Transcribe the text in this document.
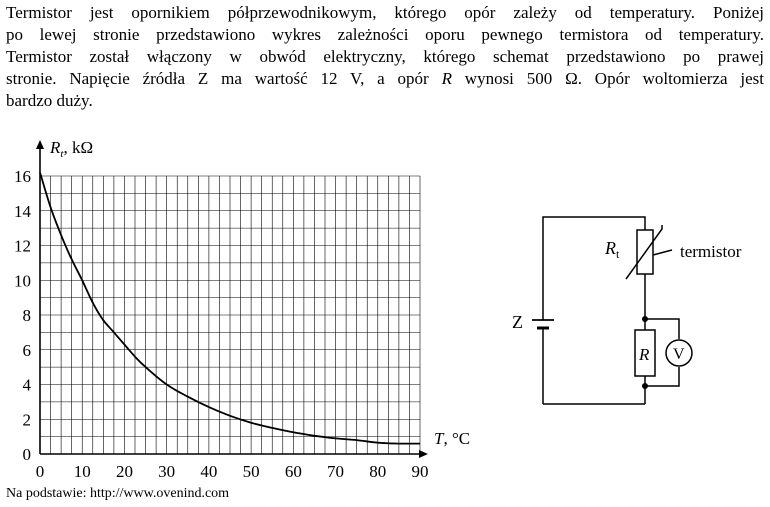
Termistor jest opornikiem półprzewodnikowym, którego opór zależy od temperatury. Poniżej
po lewej stronie przedstawiono wykres zależności oporu pewnego termistora od temperatury.
Termistor został włączony w obwód elektryczny, którego schemat przedstawiono po prawej
stronie. Napięcie źródła Z ma wartość 12 V, a opór R wynosi 500 Ω. Opór woltomierza jest
bardzo duży.
0 10 20 30 40 50 60 70 80 90
0
2
4
6
8
10
12
14
16
$R_t$, kΩ
T, °C
Z
$R_t$	termistor
R V
Na podstawie: http://www.ovenind.com
